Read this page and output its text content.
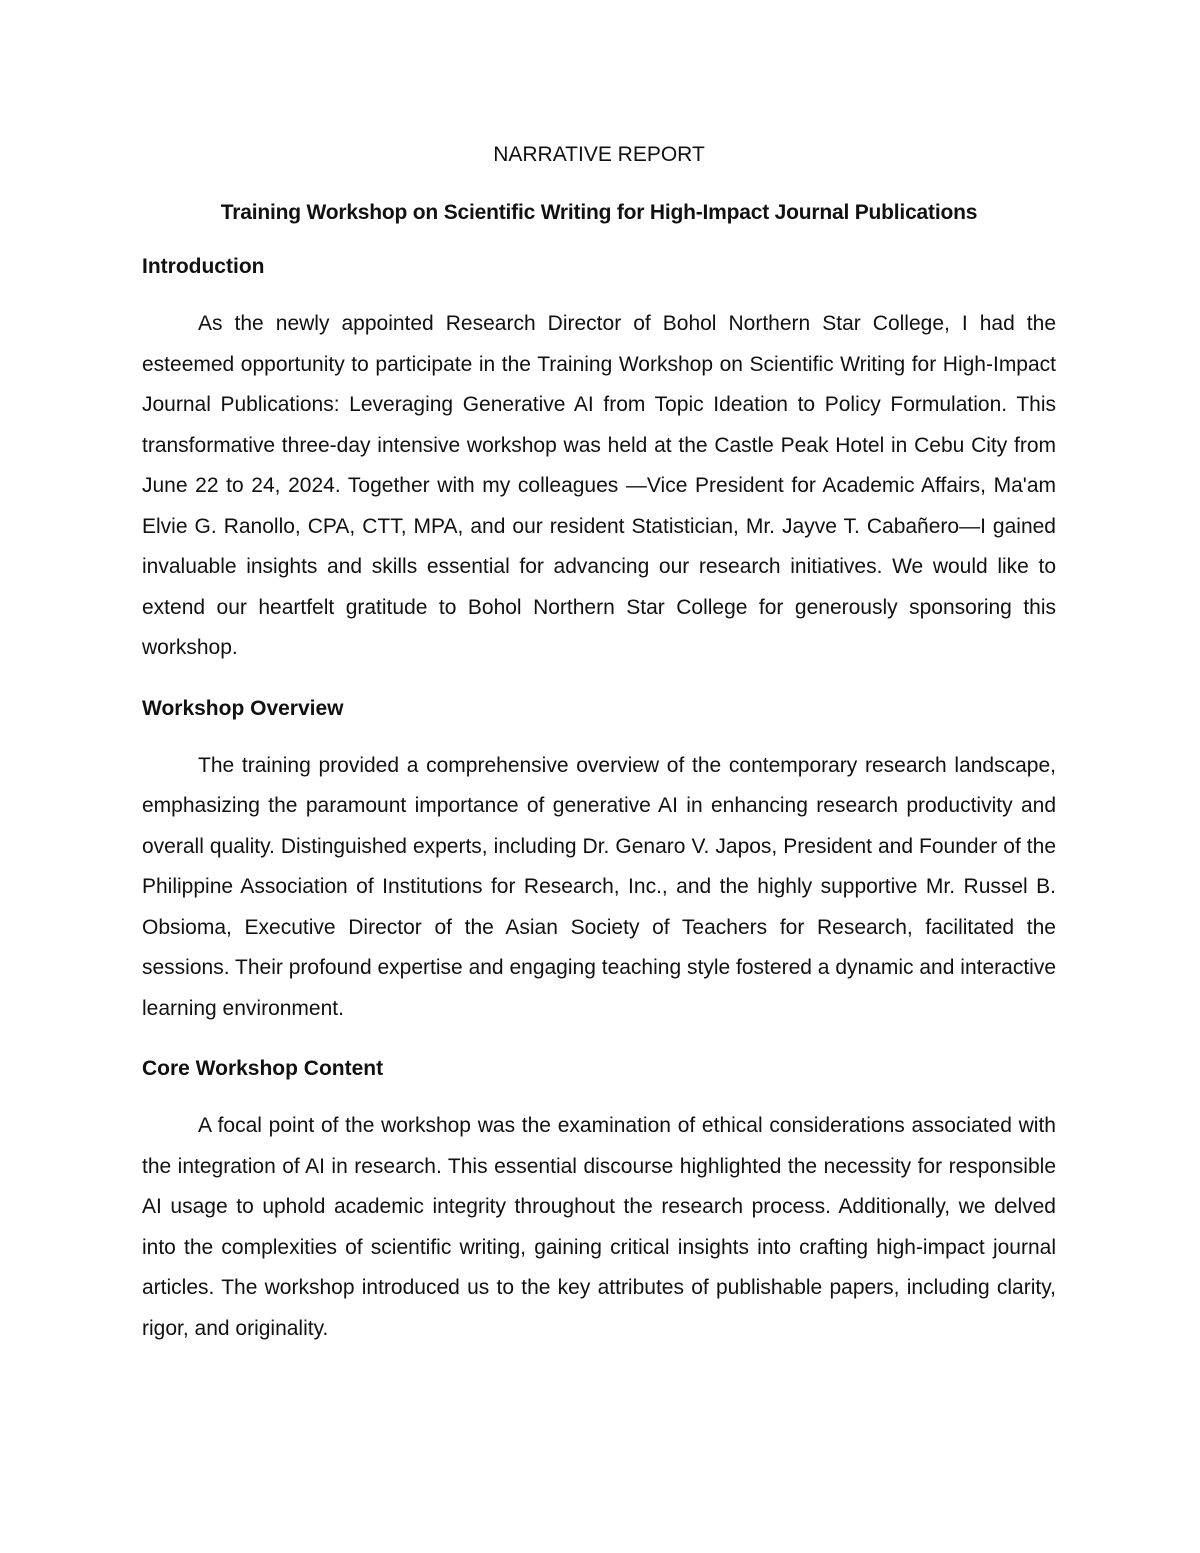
NARRATIVE REPORT
Training Workshop on Scientific Writing for High-Impact Journal Publications
Introduction

As the newly appointed Research Director of Bohol Northern Star College, I had the esteemed opportunity to participate in the Training Workshop on Scientific Writing for High-Impact Journal Publications: Leveraging Generative AI from Topic Ideation to Policy Formulation. This transformative three-day intensive workshop was held at the Castle Peak Hotel in Cebu City from June 22 to 24, 2024. Together with my colleagues —Vice President for Academic Affairs, Ma'am Elvie G. Ranollo, CPA, CTT, MPA, and our resident Statistician, Mr. Jayve T. Cabañero—I gained invaluable insights and skills essential for advancing our research initiatives. We would like to extend our heartfelt gratitude to Bohol Northern Star College for generously sponsoring this workshop.

Workshop Overview

The training provided a comprehensive overview of the contemporary research landscape, emphasizing the paramount importance of generative AI in enhancing research productivity and overall quality. Distinguished experts, including Dr. Genaro V. Japos, President and Founder of the Philippine Association of Institutions for Research, Inc., and the highly supportive Mr. Russel B. Obsioma, Executive Director of the Asian Society of Teachers for Research, facilitated the sessions. Their profound expertise and engaging teaching style fostered a dynamic and interactive learning environment.

Core Workshop Content

A focal point of the workshop was the examination of ethical considerations associated with the integration of AI in research. This essential discourse highlighted the necessity for responsible AI usage to uphold academic integrity throughout the research process. Additionally, we delved into the complexities of scientific writing, gaining critical insights into crafting high-impact journal articles. The workshop introduced us to the key attributes of publishable papers, including clarity, rigor, and originality.
